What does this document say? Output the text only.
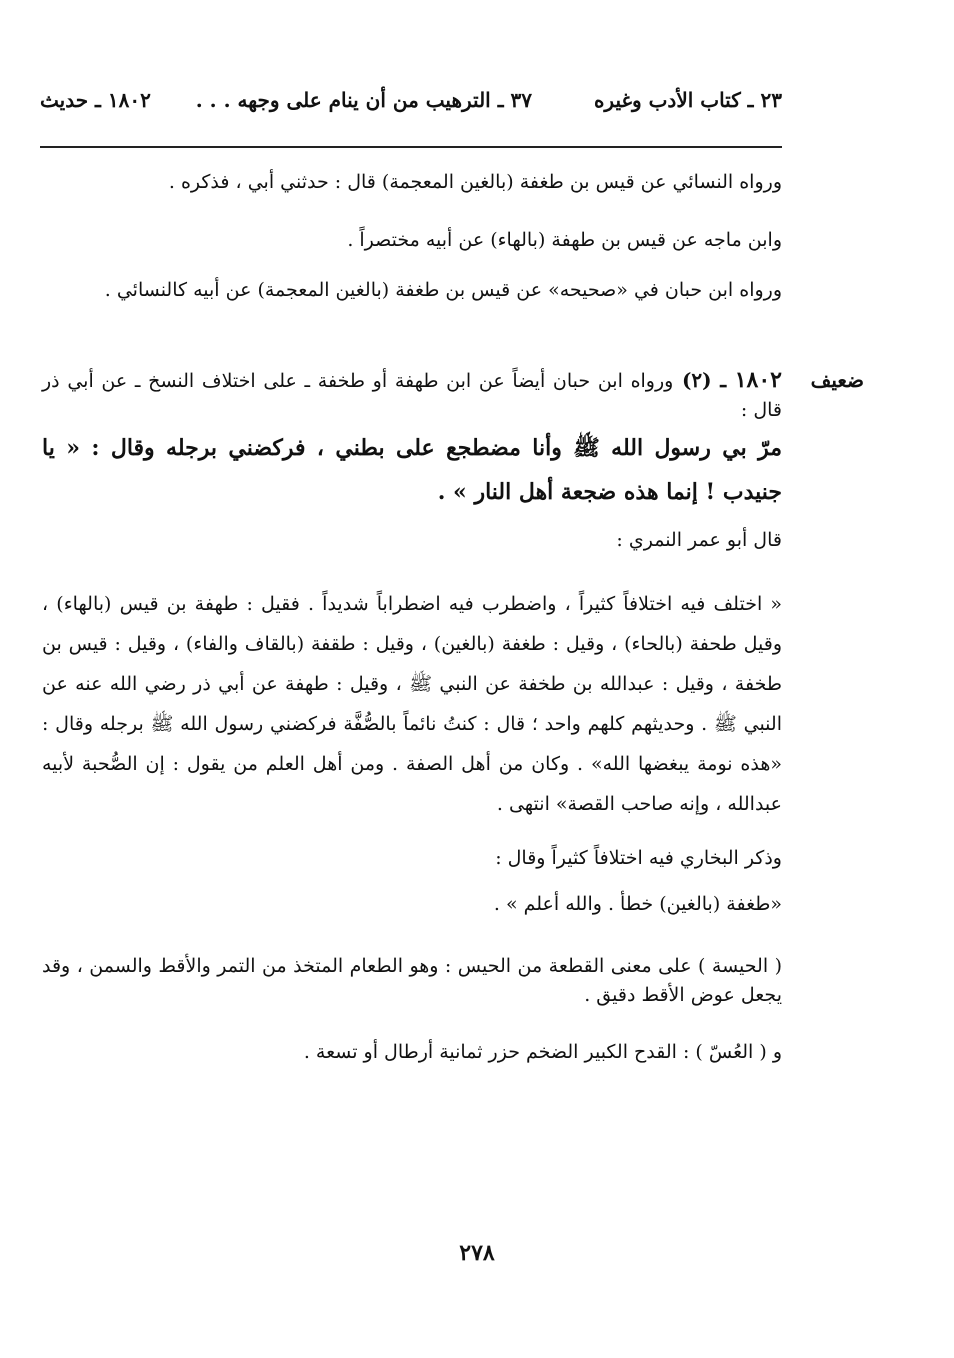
٢٣ ـ كتاب الأدب وغيره
٣٧ ـ الترهيب من أن ينام على وجهه . . .
١٨٠٢ ـ حديث
ضعيف

ورواه النسائي عن قيس بن طغفة (بالغين المعجمة) قال : حدثني أبي ، فذكره .

وابن ماجه عن قيس بن طهفة (بالهاء) عن أبيه مختصراً .

ورواه ابن حبان في «صحيحه» عن قيس بن طغفة (بالغين المعجمة) عن أبيه كالنسائي .

١٨٠٢ ـ (٢) ورواه ابن حبان أيضاً عن ابن طهفة أو طخفة ـ على اختلاف النسخ ـ عن أبي ذر قال :

مرّ بي رسول الله ﷺ وأنا مضطجع على بطني ، فركضني برجله وقال : « يا جنيدب ! إنما هذه ضجعة أهل النار » .

قال أبو عمر النمري :

« اختلف فيه اختلافاً كثيراً ، واضطرب فيه اضطراباً شديداً . فقيل : طهفة بن قيس (بالهاء) ، وقيل طحفة (بالحاء) ، وقيل : طغفة (بالغين) ، وقيل : طقفة (بالقاف والفاء) ، وقيل : قيس بن طخفة ، وقيل : عبدالله بن طخفة عن النبي ﷺ ، وقيل : طهفة عن أبي ذر رضي الله عنه عن النبي ﷺ . وحديثهم كلهم واحد ؛ قال : كنتُ نائماً بالصُّفَّة فركضني رسول الله ﷺ برجله وقال : «هذه نومة يبغضها الله» . وكان من أهل الصفة . ومن أهل العلم من يقول : إن الصُّحبة لأبيه عبدالله ، وإنه صاحب القصة» انتهى .

وذكر البخاري فيه اختلافاً كثيراً وقال :

«طغفة (بالغين) خطأ . والله أعلم » .

( الحيسة ) على معنى القطعة من الحيس : وهو الطعام المتخذ من التمر والأقط والسمن ، وقد يجعل عوض الأقط دقيق .

و ( العُسّ ) : القدح الكبير الضخم حزر ثمانية أرطال أو تسعة .

٢٧٨
